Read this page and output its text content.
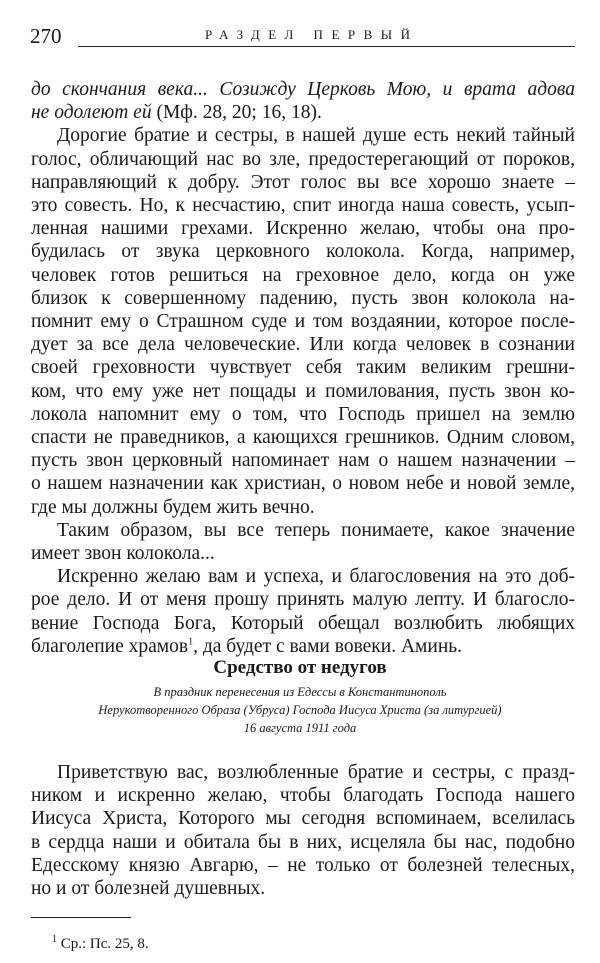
270	РАЗДЕЛ ПЕРВЫЙ
до скончания века... Созижду Церковь Мою, и врата адова
не одолеют ей (Мф. 28, 20; 16, 18).
Дорогие братие и сестры, в нашей душе есть некий тайный
голос, обличающий нас во зле, предостерегающий от пороков,
направляющий к добру. Этот голос вы все хорошо знаете –
это совесть. Но, к несчастию, спит иногда наша совесть, усып-
ленная нашими грехами. Искренно желаю, чтобы она про-
будилась от звука церковного колокола. Когда, например,
человек готов решиться на греховное дело, когда он уже
близок к совершенному падению, пусть звон колокола на-
помнит ему о Страшном суде и том воздаянии, которое после-
дует за все дела человеческие. Или когда человек в сознании
своей греховности чувствует себя таким великим грешни-
ком, что ему уже нет пощады и помилования, пусть звон ко-
локола напомнит ему о том, что Господь пришел на землю
спасти не праведников, а кающихся грешников. Одним словом,
пусть звон церковный напоминает нам о нашем назначении –
о нашем назначении как христиан, о новом небе и новой земле,
где мы должны будем жить вечно.
Таким образом, вы все теперь понимаете, какое значение
имеет звон колокола...
Искренно желаю вам и успеха, и благословения на это доб-
рое дело. И от меня прошу принять малую лепту. И благосло-
вение Господа Бога, Который обещал возлюбить любящих
благолепие храмов$^1$, да будет с вами вовеки. Аминь.
Средство от недугов
В праздник перенесения из Едессы в Константинополь
Нерукотворенного Образа (Убруса) Господа Иисуса Христа (за литургией)
16 августа 1911 года
Приветствую вас, возлюбленные братие и сестры, с празд-
ником и искренно желаю, чтобы благодать Господа нашего
Иисуса Христа, Которого мы сегодня вспоминаем, вселилась
в сердца наши и обитала бы в них, исцеляла бы нас, подобно
Едесскому князю Авгарю, – не только от болезней телесных,
но и от болезней душевных.
$^1$ Ср.: Пс. 25, 8.
